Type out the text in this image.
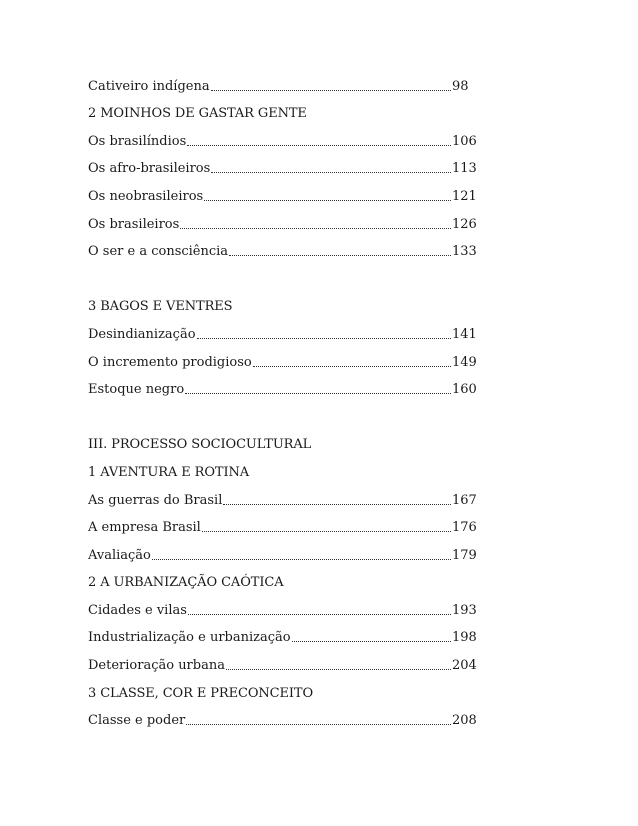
Cativeiro indígena	98
2 MOINHOS DE GASTAR GENTE
Os brasilíndios	106
Os afro-brasileiros	113
Os neobrasileiros	121
Os brasileiros	126
O ser e a consciência	133
3 BAGOS E VENTRES
Desindianização	141
O incremento prodigioso	149
Estoque negro	160
III. PROCESSO SOCIOCULTURAL
1 AVENTURA E ROTINA
As guerras do Brasil	167
A empresa Brasil	176
Avaliação	179
2 A URBANIZAÇÃO CAÓTICA
Cidades e vilas	193
Industrialização e urbanização	198
Deterioração urbana	204
3 CLASSE, COR E PRECONCEITO
Classe e poder	208
